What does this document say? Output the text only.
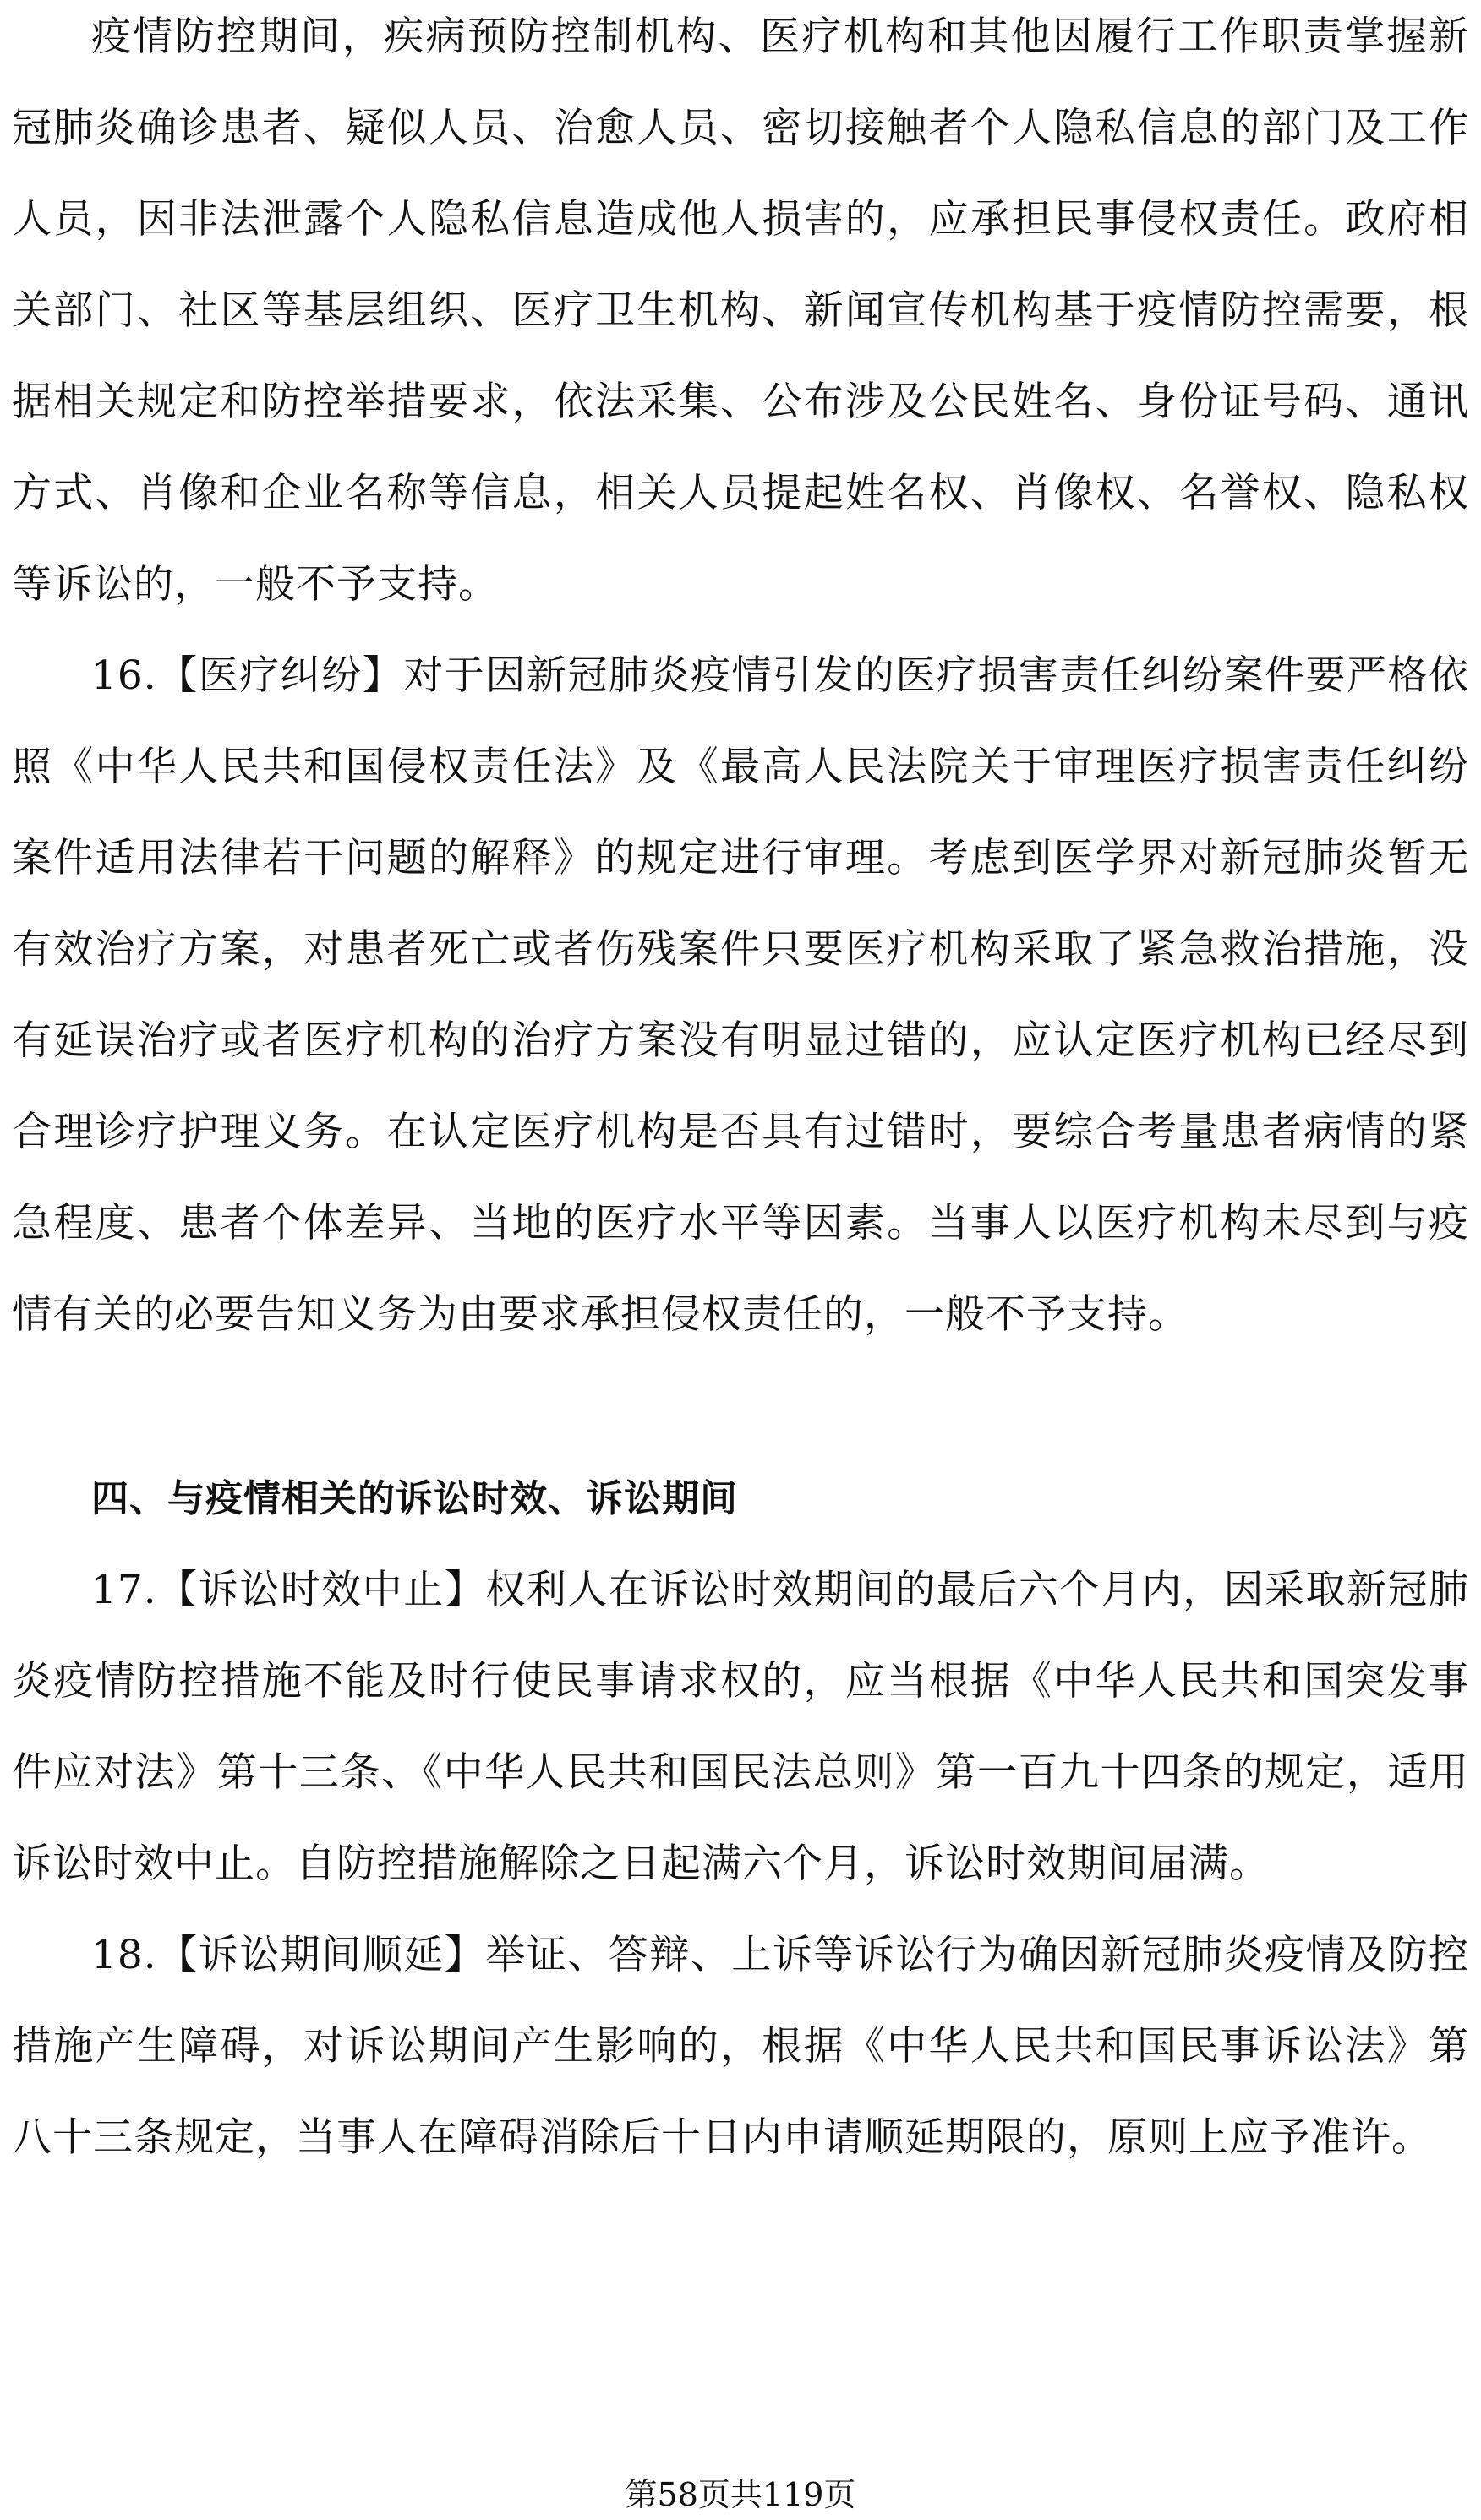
疫情防控期间，疾病预防控制机构、医疗机构和其他因履行工作职责掌握新冠肺炎确诊患者、疑似人员、治愈人员、密切接触者个人隐私信息的部门及工作人员，因非法泄露个人隐私信息造成他人损害的，应承担民事侵权责任。政府相关部门、社区等基层组织、医疗卫生机构、新闻宣传机构基于疫情防控需要，根据相关规定和防控举措要求，依法采集、公布涉及公民姓名、身份证号码、通讯方式、肖像和企业名称等信息，相关人员提起姓名权、肖像权、名誉权、隐私权等诉讼的，一般不予支持。

16.【医疗纠纷】对于因新冠肺炎疫情引发的医疗损害责任纠纷案件要严格依照《中华人民共和国侵权责任法》及《最高人民法院关于审理医疗损害责任纠纷案件适用法律若干问题的解释》的规定进行审理。考虑到医学界对新冠肺炎暂无有效治疗方案，对患者死亡或者伤残案件只要医疗机构采取了紧急救治措施，没有延误治疗或者医疗机构的治疗方案没有明显过错的，应认定医疗机构已经尽到合理诊疗护理义务。在认定医疗机构是否具有过错时，要综合考量患者病情的紧急程度、患者个体差异、当地的医疗水平等因素。当事人以医疗机构未尽到与疫情有关的必要告知义务为由要求承担侵权责任的，一般不予支持。

四、与疫情相关的诉讼时效、诉讼期间

17.【诉讼时效中止】权利人在诉讼时效期间的最后六个月内，因采取新冠肺炎疫情防控措施不能及时行使民事请求权的，应当根据《中华人民共和国突发事件应对法》第十三条、《中华人民共和国民法总则》第一百九十四条的规定，适用诉讼时效中止。自防控措施解除之日起满六个月，诉讼时效期间届满。

18.【诉讼期间顺延】举证、答辩、上诉等诉讼行为确因新冠肺炎疫情及防控措施产生障碍，对诉讼期间产生影响的，根据《中华人民共和国民事诉讼法》第八十三条规定，当事人在障碍消除后十日内申请顺延期限的，原则上应予准许。

第58页共119页
